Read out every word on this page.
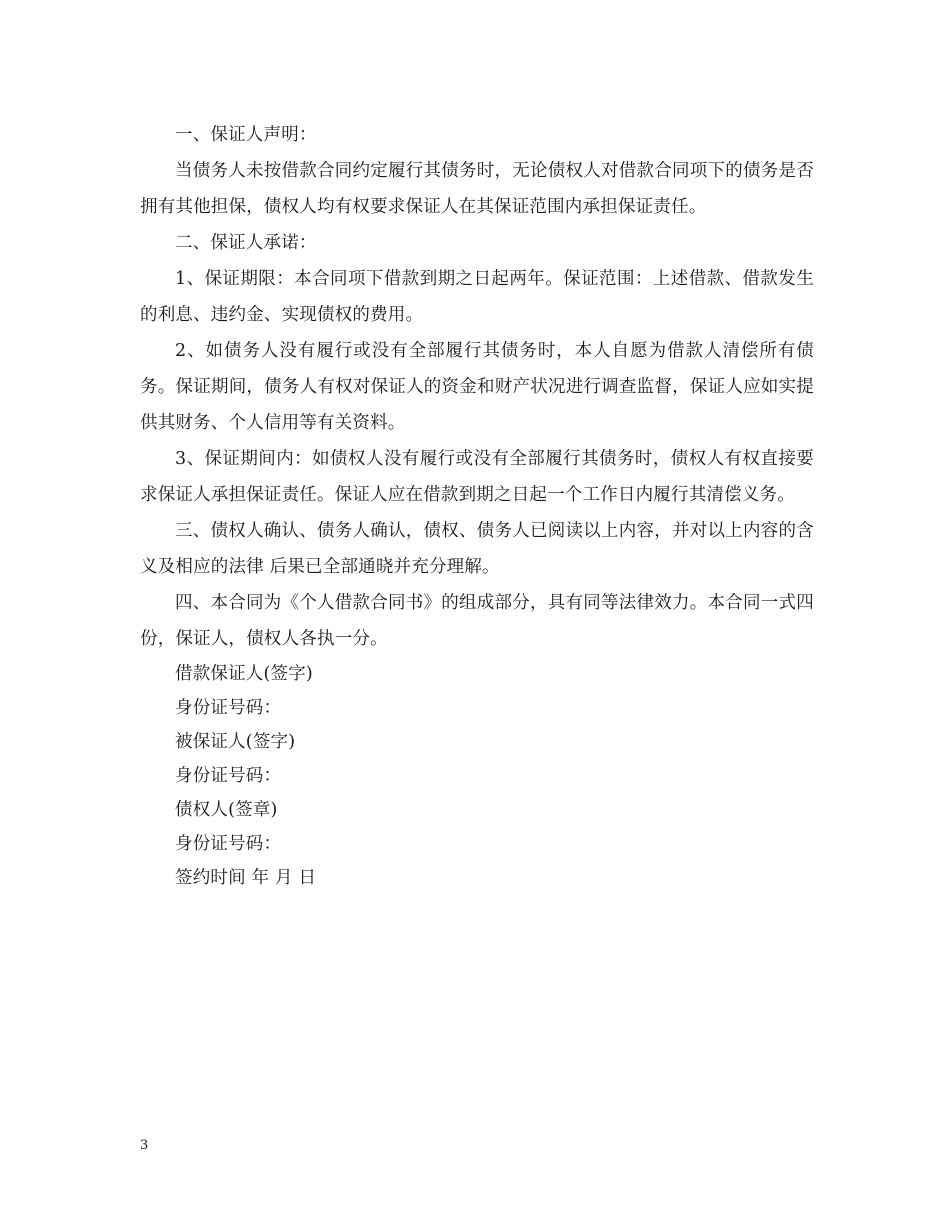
一、保证人声明：

当债务人未按借款合同约定履行其债务时，无论债权人对借款合同项下的债务是否拥有其他担保，债权人均有权要求保证人在其保证范围内承担保证责任。

二、保证人承诺：

1、保证期限：本合同项下借款到期之日起两年。保证范围：上述借款、借款发生的利息、违约金、实现债权的费用。

2、如债务人没有履行或没有全部履行其债务时，本人自愿为借款人清偿所有债务。保证期间，债务人有权对保证人的资金和财产状况进行调查监督，保证人应如实提供其财务、个人信用等有关资料。

3、保证期间内：如债权人没有履行或没有全部履行其债务时，债权人有权直接要求保证人承担保证责任。保证人应在借款到期之日起一个工作日内履行其清偿义务。

三、债权人确认、债务人确认，债权、债务人已阅读以上内容，并对以上内容的含义及相应的法律 后果已全部通晓并充分理解。

四、本合同为《个人借款合同书》的组成部分，具有同等法律效力。本合同一式四份，保证人，债权人各执一分。

借款保证人(签字)
身份证号码：
被保证人(签字)
身份证号码：
债权人(签章)
身份证号码：
签约时间 年 月 日
3
